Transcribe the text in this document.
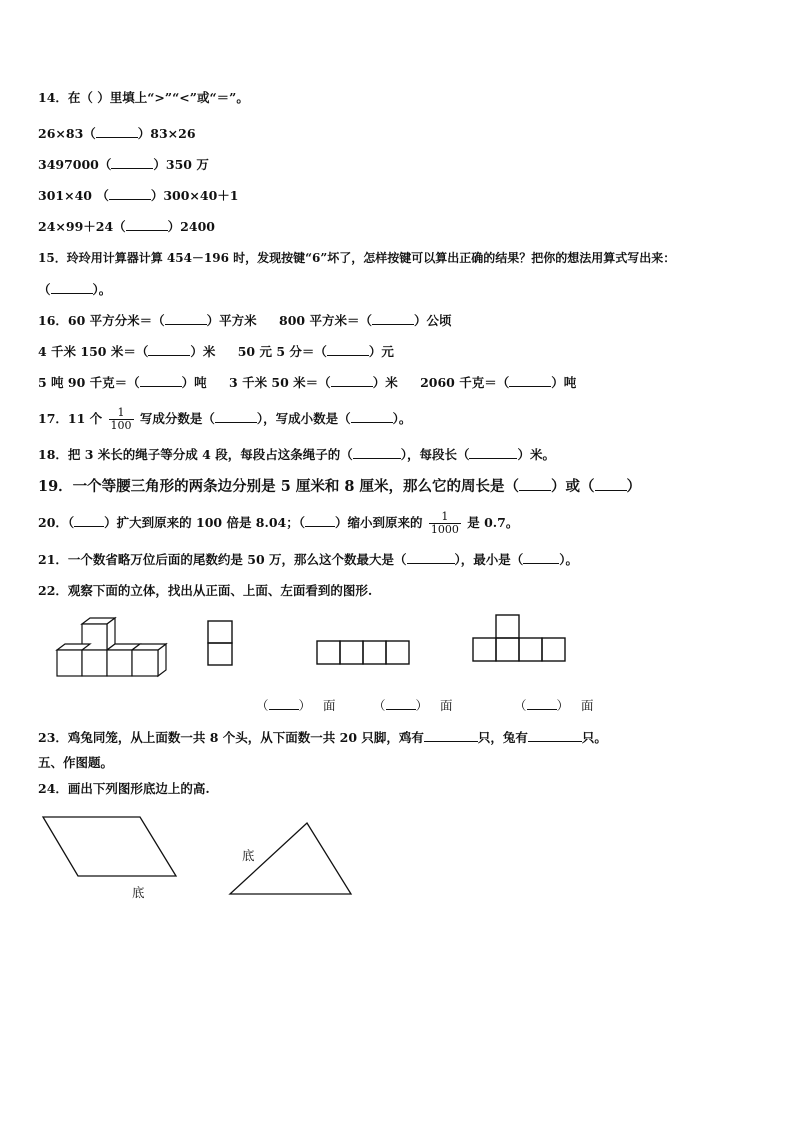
14．在（ ）里填上“>”“<”或“＝”。
26×83（	）83×26
3497000（	）350 万
301×40 （	）300×40＋1
24×99＋24（	）2400
15．玲玲用计算器计算 454－196 时，发现按键“6”坏了，怎样按键可以算出正确的结果？把你的想法用算式写出来：
（	）。
16．60 平方分米＝（	）平方米 800 平方米＝（	）公顷
4 千米 150 米＝（	）米 50 元 5 分＝（	）元
5 吨 90 千克＝（	）吨 3 千米 50 米＝（	）米 2060 千克＝（	）吨
17．11 个 $\frac{1}{100}$ 写成分数是（	），写成小数是（	）。
18．把 3 米长的绳子等分成 4 段，每段占这条绳子的（	），每段长（	）米。
19．一个等腰三角形的两条边分别是 5 厘米和 8 厘米，那么它的周长是（ ）或（ ）
20．（ ）扩大到原来的 100 倍是 8.04；（ ）缩小到原来的 $\frac{1}{1000}$ 是 0.7。
21．一个数省略万位后面的尾数约是 50 万，那么这个数最大是（	），最小是（	）。
22．观察下面的立体，找出从正面、上面、左面看到的图形.
（ ） 面	（ ） 面	（ ） 面
23．鸡兔同笼，从上面数一共 8 个头，从下面数一共 20 只脚，鸡有	只，兔有	只。
五、作图题。
24．画出下列图形底边上的高.
底
底
